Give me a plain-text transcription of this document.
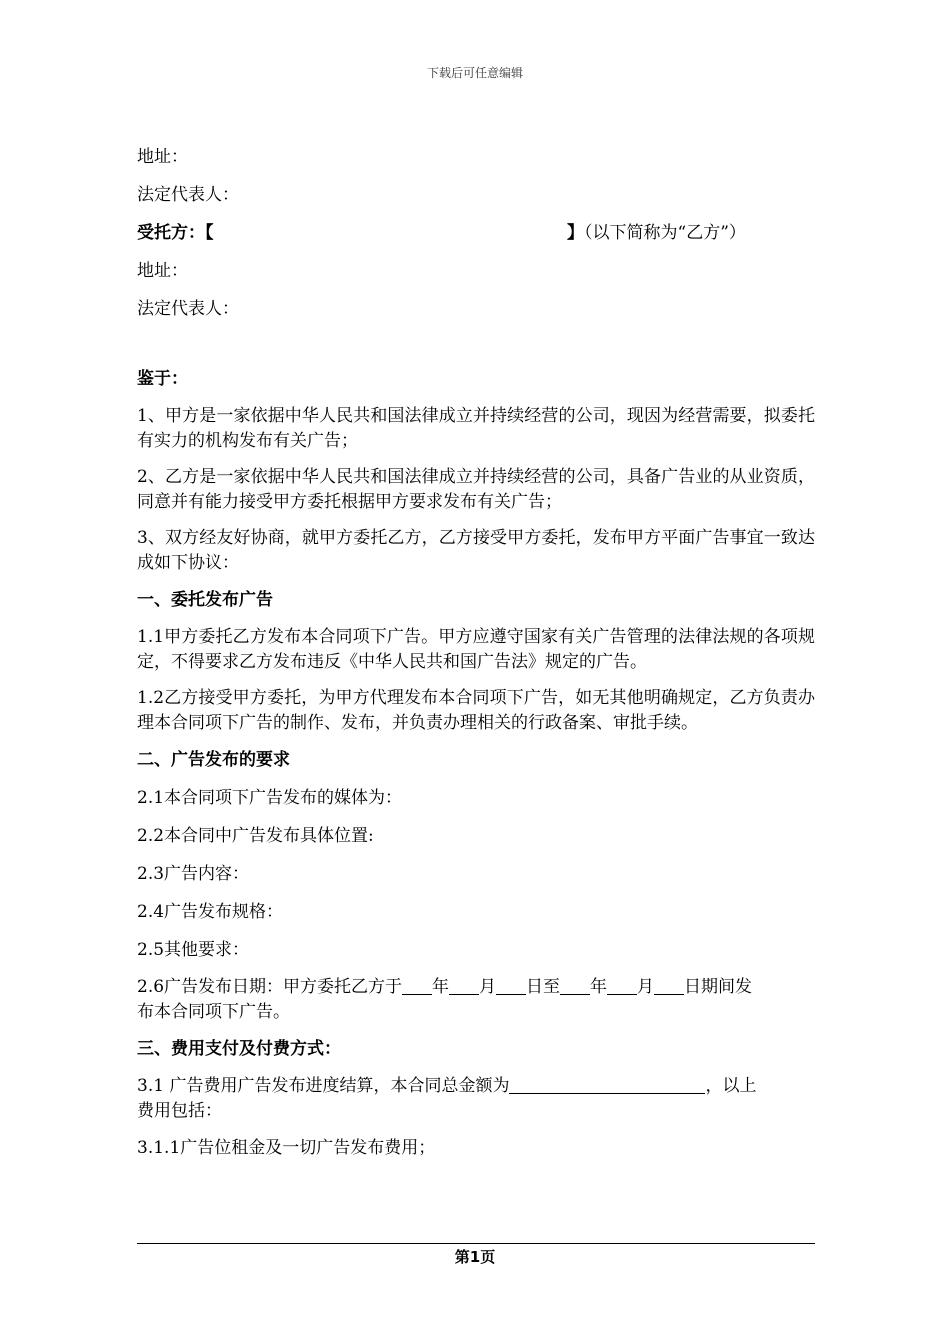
下载后可任意编辑
地址：
法定代表人：
受托方：【	】（以下简称为“乙方”）
地址：
法定代表人：
鉴于：
1、甲方是一家依据中华人民共和国法律成立并持续经营的公司，现因为经营需要，拟委托有实力的机构发布有关广告；
2、乙方是一家依据中华人民共和国法律成立并持续经营的公司，具备广告业的从业资质，同意并有能力接受甲方委托根据甲方要求发布有关广告；
3、双方经友好协商，就甲方委托乙方，乙方接受甲方委托，发布甲方平面广告事宜一致达成如下协议：
一、委托发布广告
1.1甲方委托乙方发布本合同项下广告。甲方应遵守国家有关广告管理的法律法规的各项规定，不得要求乙方发布违反《中华人民共和国广告法》规定的广告。
1.2乙方接受甲方委托，为甲方代理发布本合同项下广告，如无其他明确规定，乙方负责办理本合同项下广告的制作、发布，并负责办理相关的行政备案、审批手续。
二、广告发布的要求
2.1本合同项下广告发布的媒体为：
2.2本合同中广告发布具体位置:
2.3广告内容：
2.4广告发布规格：
2.5其他要求：
2.6广告发布日期：甲方委托乙方于 年 月 日至 年 月 日期间发
布本合同项下广告。
三、费用支付及付费方式：
3.1 广告费用广告发布进度结算，本合同总金额为	，以上
费用包括：
3.1.1广告位租金及一切广告发布费用；
第1页
